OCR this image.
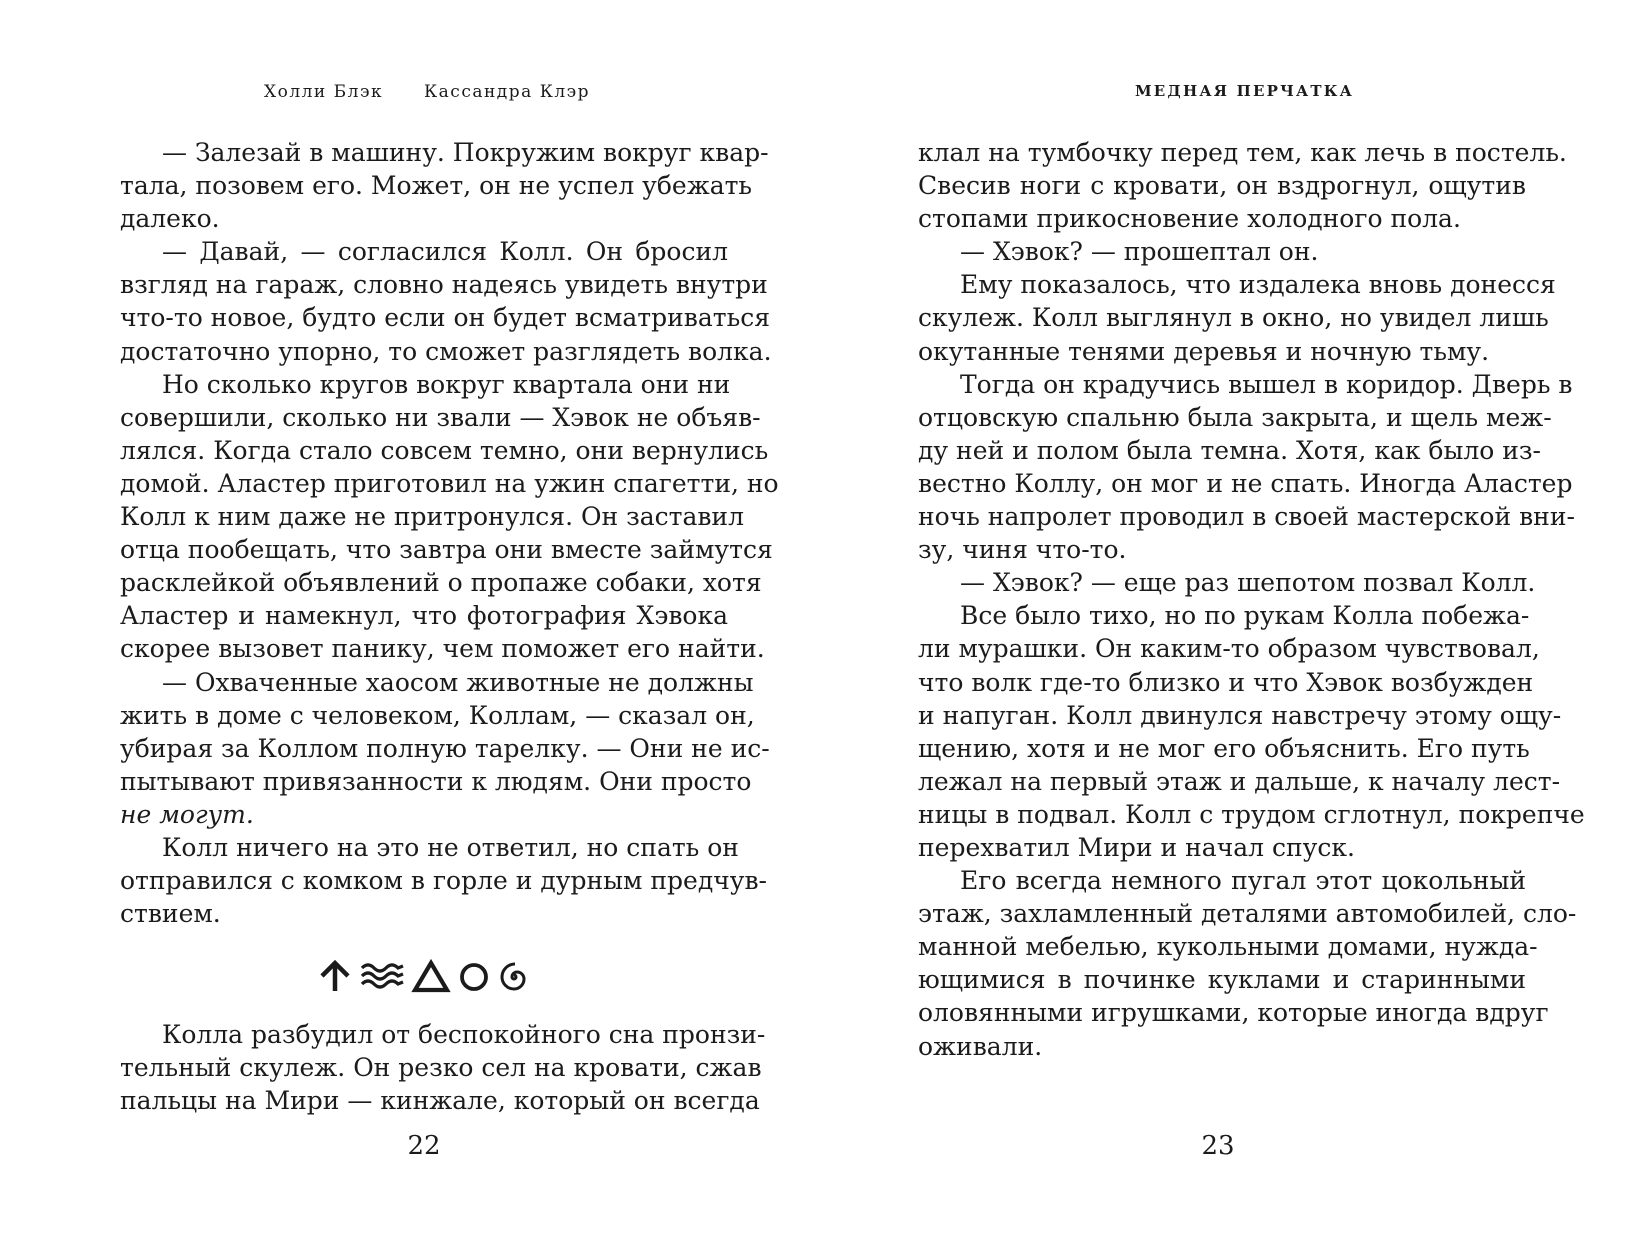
Холли Блэк Кассандра Клэр
— Залезай в машину. Покружим вокруг квар-
тала, позовем его. Может, он не успел убежать
далеко.
— Давай, — согласился Колл. Он бросил
взгляд на гараж, словно надеясь увидеть внутри
что-то новое, будто если он будет всматриваться
достаточно упорно, то сможет разглядеть волка.
Но сколько кругов вокруг квартала они ни
совершили, сколько ни звали — Хэвок не объяв-
лялся. Когда стало совсем темно, они вернулись
домой. Аластер приготовил на ужин спагетти, но
Колл к ним даже не притронулся. Он заставил
отца пообещать, что завтра они вместе займутся
расклейкой объявлений о пропаже собаки, хотя
Аластер и намекнул, что фотография Хэвока
скорее вызовет панику, чем поможет его найти.
— Охваченные хаосом животные не должны
жить в доме с человеком, Коллам, — сказал он,
убирая за Коллом полную тарелку. — Они не ис-
пытывают привязанности к людям. Они просто
не могут.
Колл ничего на это не ответил, но спать он
отправился с комком в горле и дурным предчув-
ствием.
Колла разбудил от беспокойного сна пронзи-
тельный скулеж. Он резко сел на кровати, сжав
пальцы на Мири — кинжале, который он всегда
22
МЕДНАЯ ПЕРЧАТКА
клал на тумбочку перед тем, как лечь в постель.
Свесив ноги с кровати, он вздрогнул, ощутив
стопами прикосновение холодного пола.
— Хэвок? — прошептал он.
Ему показалось, что издалека вновь донесся
скулеж. Колл выглянул в окно, но увидел лишь
окутанные тенями деревья и ночную тьму.
Тогда он крадучись вышел в коридор. Дверь в
отцовскую спальню была закрыта, и щель меж-
ду ней и полом была темна. Хотя, как было из-
вестно Коллу, он мог и не спать. Иногда Аластер
ночь напролет проводил в своей мастерской вни-
зу, чиня что-то.
— Хэвок? — еще раз шепотом позвал Колл.
Все было тихо, но по рукам Колла побежа-
ли мурашки. Он каким-то образом чувствовал,
что волк где-то близко и что Хэвок возбужден
и напуган. Колл двинулся навстречу этому ощу-
щению, хотя и не мог его объяснить. Его путь
лежал на первый этаж и дальше, к началу лест-
ницы в подвал. Колл с трудом сглотнул, покрепче
перехватил Мири и начал спуск.
Его всегда немного пугал этот цокольный
этаж, захламленный деталями автомобилей, сло-
манной мебелью, кукольными домами, нужда-
ющимися в починке куклами и старинными
оловянными игрушками, которые иногда вдруг
оживали.
23
